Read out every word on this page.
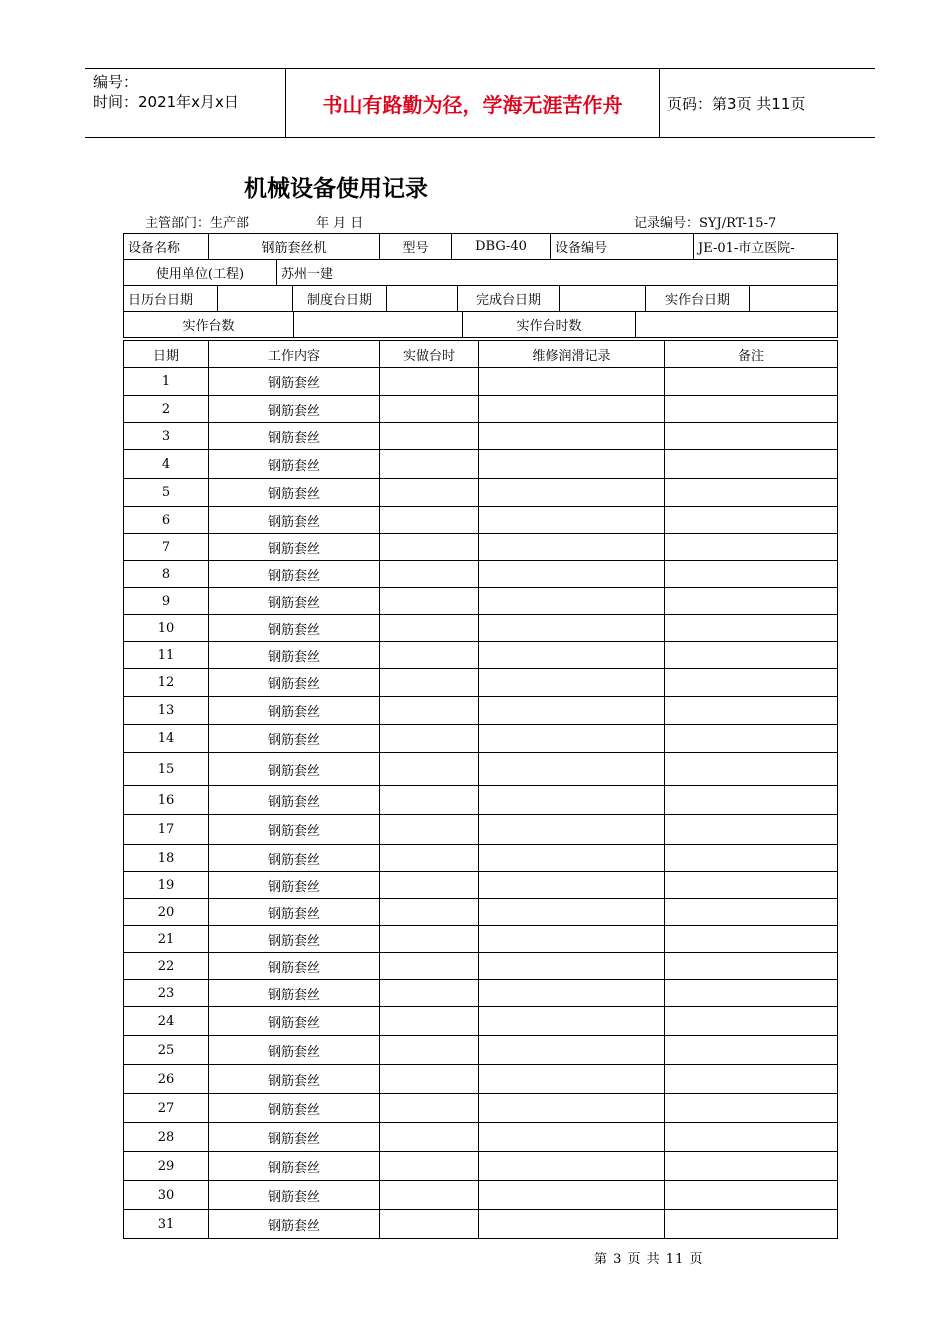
编号：
时间：2021年x月x日	书山有路勤为径，学海无涯苦作舟	页码：第3页 共11页
机械设备使用记录
主管部门：生产部	年 月 日	记录编号：SYJ/RT-15-7
设备名称	钢筋套丝机	型号	DBG-40	设备编号	JE-01-市立医院-
使用单位(工程)	苏州一建
日历台日期		制度台日期		完成台日期		实作台日期	
实作台数		实作台时数	
日期	工作内容	实做台时	维修润滑记录	备注
1	钢筋套丝			
2	钢筋套丝			
3	钢筋套丝			
4	钢筋套丝			
5	钢筋套丝			
6	钢筋套丝			
7	钢筋套丝			
8	钢筋套丝			
9	钢筋套丝			
10	钢筋套丝			
11	钢筋套丝			
12	钢筋套丝			
13	钢筋套丝			
14	钢筋套丝			
15	钢筋套丝			
16	钢筋套丝			
17	钢筋套丝			
18	钢筋套丝			
19	钢筋套丝			
20	钢筋套丝			
21	钢筋套丝			
22	钢筋套丝			
23	钢筋套丝			
24	钢筋套丝			
25	钢筋套丝			
26	钢筋套丝			
27	钢筋套丝			
28	钢筋套丝			
29	钢筋套丝			
30	钢筋套丝			
31	钢筋套丝			
第 3 页 共 11 页
